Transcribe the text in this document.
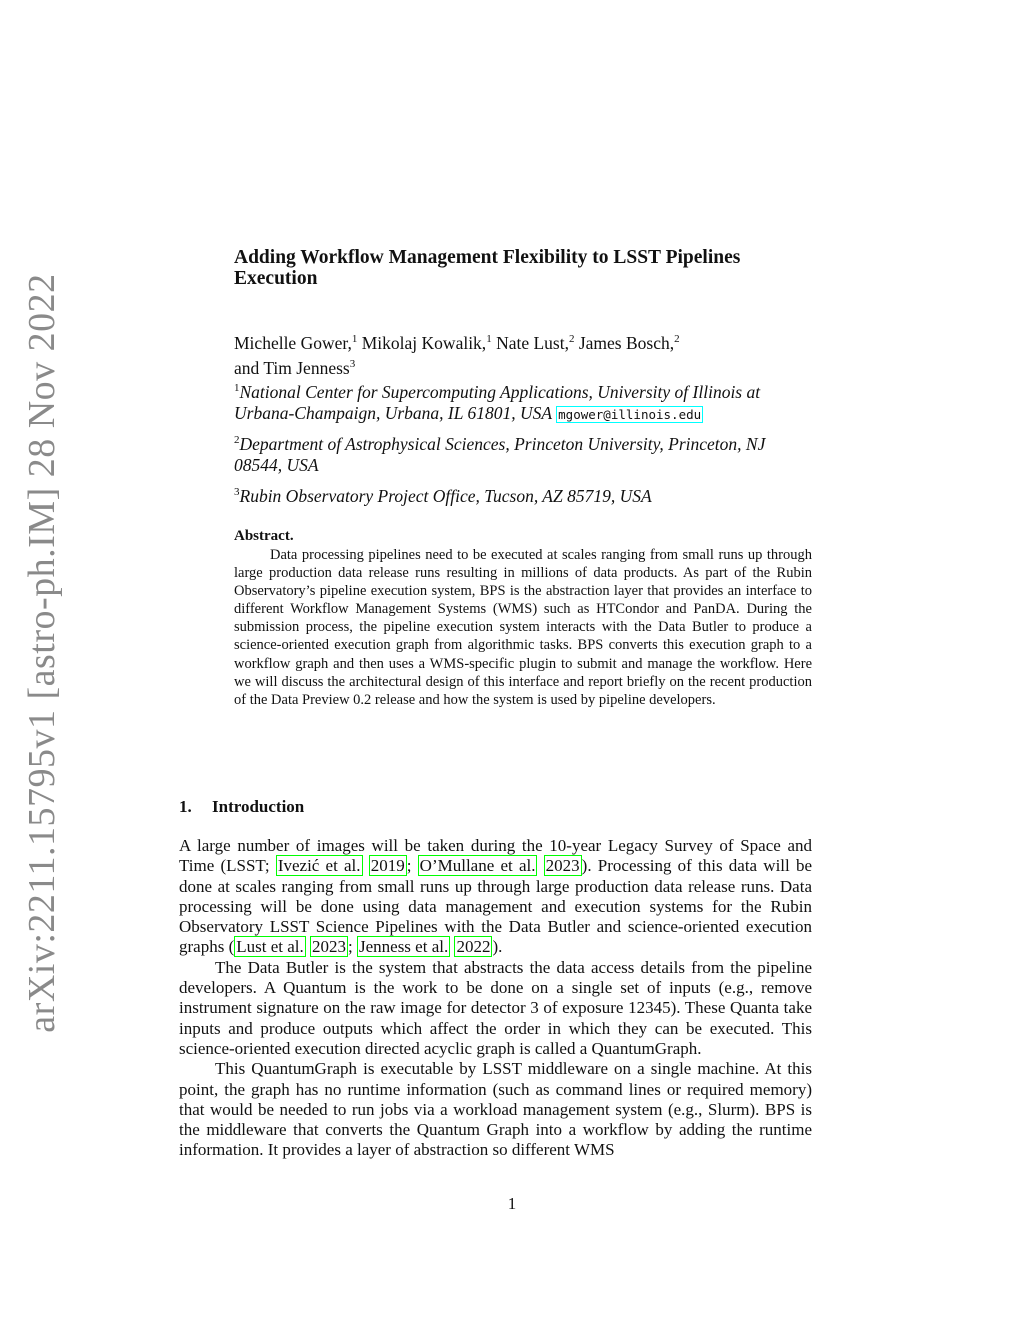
arXiv:2211.15795v1 [astro-ph.IM] 28 Nov 2022
Adding Workflow Management Flexibility to LSST Pipelines Execution
Michelle Gower,$^1$ Mikolaj Kowalik,$^1$ Nate Lust,$^2$ James Bosch,$^2$
and Tim Jenness$^3$
$^1$National Center for Supercomputing Applications, University of Illinois at Urbana-Champaign, Urbana, IL 61801, USA mgower@illinois.edu
$^2$Department of Astrophysical Sciences, Princeton University, Princeton, NJ 08544, USA
$^3$Rubin Observatory Project Office, Tucson, AZ 85719, USA
Abstract.
Data processing pipelines need to be executed at scales ranging from small runs up through large production data release runs resulting in millions of data products. As part of the Rubin Observatory’s pipeline execution system, BPS is the abstraction layer that provides an interface to different Workflow Management Systems (WMS) such as HTCondor and PanDA. During the submission process, the pipeline execution system interacts with the Data Butler to produce a science-oriented execution graph from algorithmic tasks. BPS converts this execution graph to a workflow graph and then uses a WMS-specific plugin to submit and manage the workflow. Here we will discuss the architectural design of this interface and report briefly on the recent production of the Data Preview 0.2 release and how the system is used by pipeline developers.
1. Introduction

A large number of images will be taken during the 10-year Legacy Survey of Space and Time (LSST; Ivezić et al. 2019 ; O’Mullane et al. 2023 ). Processing of this data will be done at scales ranging from small runs up through large production data release runs. Data processing will be done using data management and execution systems for the Rubin Observatory LSST Science Pipelines with the Data Butler and science-oriented execution graphs ( Lust et al. 2023 ; Jenness et al. 2022 ).

The Data Butler is the system that abstracts the data access details from the pipeline developers. A Quantum is the work to be done on a single set of inputs (e.g., remove instrument signature on the raw image for detector 3 of exposure 12345). These Quanta take inputs and produce outputs which affect the order in which they can be executed. This science-oriented execution directed acyclic graph is called a QuantumGraph.

This QuantumGraph is executable by LSST middleware on a single machine. At this point, the graph has no runtime information (such as command lines or required memory) that would be needed to run jobs via a workload management system (e.g., Slurm). BPS is the middleware that converts the Quantum Graph into a workflow by adding the runtime information. It provides a layer of abstraction so different WMS

1
